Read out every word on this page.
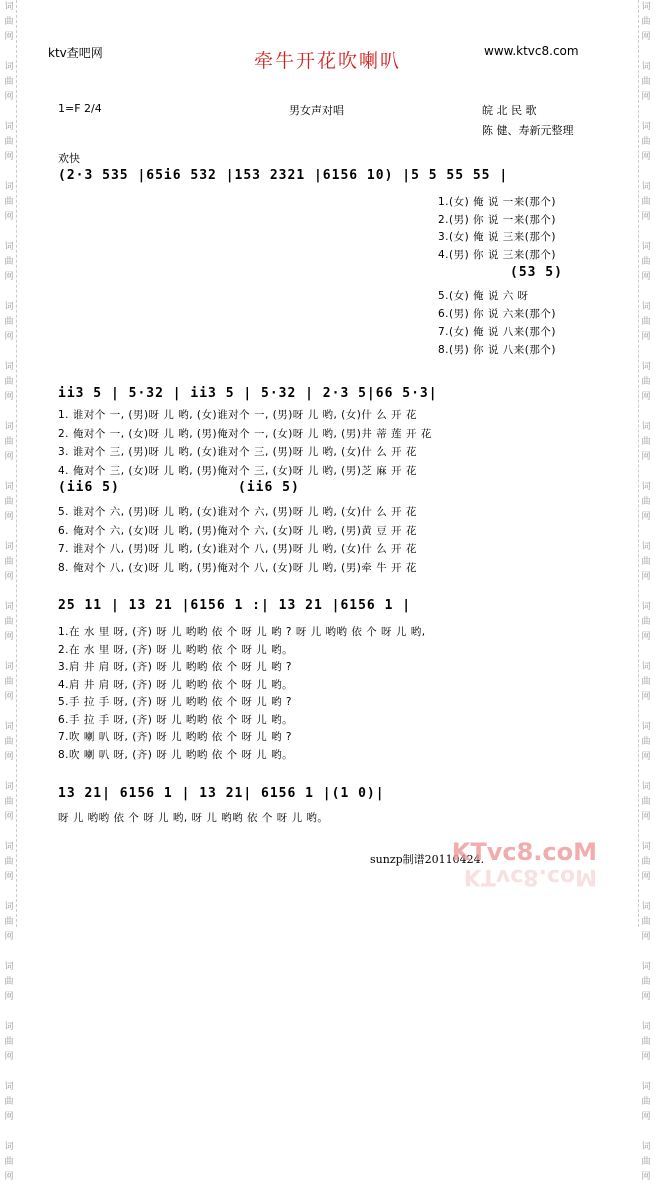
词
曲
网

词
曲
网

词
曲
网

词
曲
网

词
曲
网

词
曲
网

词
曲
网

词
曲
网

词
曲
网

词
曲
网

词
曲
网

词
曲
网

词
曲
网

词
曲
网

词
曲
网

词
曲
网

词
曲
网

词
曲
网

词
曲
网

词
曲
网

词
曲
网

词
曲
网

词
曲
网

词
曲
网

词
曲
网

词
曲
网

词
曲
网

词
曲
网

词
曲
网

词
曲
网

词
曲
网

词
曲
网

词
曲
网

词
曲
网

词
曲
网

词
曲
网

词
曲
网

词
曲
网

词
曲
网

词
曲
网

ktv查吧网	牵牛开花吹喇叭	www.ktvc8.com
1=F 2/4	男女声对唱	皖 北 民 歌
陈 健、寿新元整理
欢快
(2·3 535 |65i6 532 |153 2321 |6156 10) |5 5 55 55 |
1.(女) 俺 说 一来(那个)
2.(男) 你 说 一来(那个)
3.(女) 俺 说 三来(那个)
4.(男) 你 说 三来(那个)
(53 5)
5.(女) 俺 说 六 呀
6.(男) 你 说 六来(那个)
7.(女) 俺 说 八来(那个)
8.(男) 你 说 八来(那个)
ii3 5 | 5·32 | ii3 5 | 5·32 | 2·3 5|66 5·3|
1. 谁对个 一, (男)呀 儿 哟, (女)谁对个 一, (男)呀 儿 哟, (女)什 么 开 花
2. 俺对个 一, (女)呀 儿 哟, (男)俺对个 一, (女)呀 儿 哟, (男)井 蒂 莲 开 花
3. 谁对个 三, (男)呀 儿 哟, (女)谁对个 三, (男)呀 儿 哟, (女)什 么 开 花
4. 俺对个 三, (女)呀 儿 哟, (男)俺对个 三, (女)呀 儿 哟, (男)芝 麻 开 花
(ii6 5)	(ii6 5)
5. 谁对个 六, (男)呀 儿 哟, (女)谁对个 六, (男)呀 儿 哟, (女)什 么 开 花
6. 俺对个 六, (女)呀 儿 哟, (男)俺对个 六, (女)呀 儿 哟, (男)黄 豆 开 花
7. 谁对个 八, (男)呀 儿 哟, (女)谁对个 八, (男)呀 儿 哟, (女)什 么 开 花
8. 俺对个 八, (女)呀 儿 哟, (男)俺对个 八, (女)呀 儿 哟, (男)牵 牛 开 花
25 11 | 13 21 |6156 1 :| 13 21 |6156 1 |
1.在 水 里 呀, (齐) 呀 儿 哟哟 依 个 呀 儿 哟 ? 呀 儿 哟哟 依 个 呀 儿 哟,
2.在 水 里 呀, (齐) 呀 儿 哟哟 依 个 呀 儿 哟。
3.肩 井 肩 呀, (齐) 呀 儿 哟哟 依 个 呀 儿 哟 ?
4.肩 井 肩 呀, (齐) 呀 儿 哟哟 依 个 呀 儿 哟。
5.手 拉 手 呀, (齐) 呀 儿 哟哟 依 个 呀 儿 哟 ?
6.手 拉 手 呀, (齐) 呀 儿 哟哟 依 个 呀 儿 哟。
7.吹 喇 叭 呀, (齐) 呀 儿 哟哟 依 个 呀 儿 哟 ?
8.吹 喇 叭 呀, (齐) 呀 儿 哟哟 依 个 呀 儿 哟。
13 21| 6156 1 | 13 21| 6156 1 |(1 0)|
呀 儿 哟哟 依 个 呀 儿 哟, 呀 儿 哟哟 依 个 呀 儿 哟。
sunzp制谱20110424.
KTvc8.coM
KTvc8.coM
